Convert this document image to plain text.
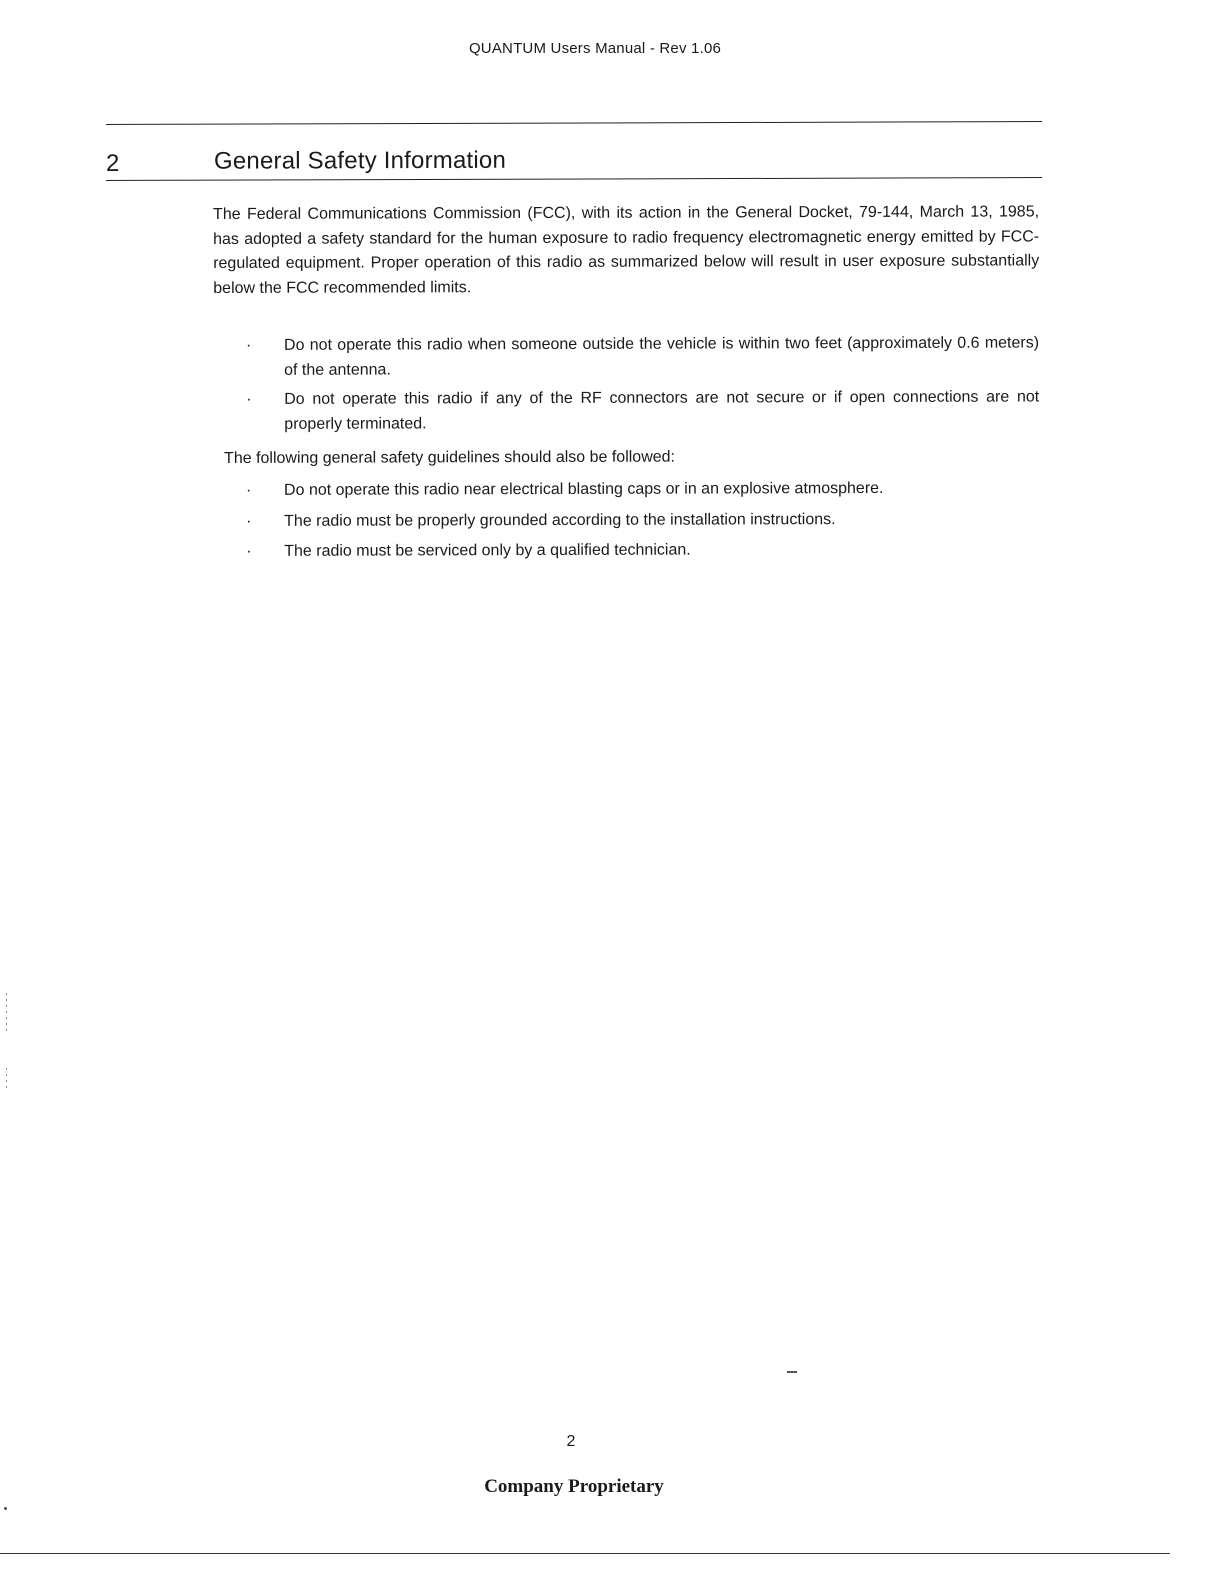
QUANTUM Users Manual - Rev 1.06
2	General Safety Information

The Federal Communications Commission (FCC), with its action in the General Docket, 79-144, March 13, 1985, has adopted a safety standard for the human exposure to radio frequency electromagnetic energy emitted by FCC-regulated equipment. Proper operation of this radio as summarized below will result in user exposure substantially below the FCC recommended limits.

· Do not operate this radio when someone outside the vehicle is within two feet (approximately 0.6 meters) of the antenna.
· Do not operate this radio if any of the RF connectors are not secure or if open connections are not properly terminated.
The following general safety guidelines should also be followed:
· Do not operate this radio near electrical blasting caps or in an explosive atmosphere.
· The radio must be properly grounded according to the installation instructions.
· The radio must be serviced only by a qualified technician.
2
Company Proprietary
